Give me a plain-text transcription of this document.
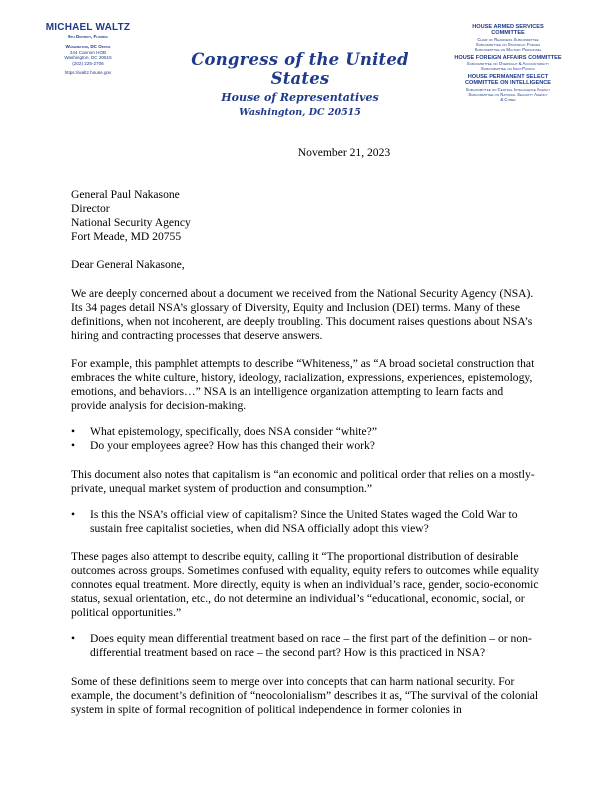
MICHAEL WALTZ
6th District, Florida
Washington, DC Office
244 Cannon HOB
Washington, DC 20515
(202) 225-2706
https://waltz.house.gov
Congress of the United States
House of Representatives
Washington, DC 20515
HOUSE ARMED SERVICES
COMMITTEE
Chair of Readiness Subcommittee
Subcommittee on Strategic Forces
Subcommittee on Military Personnel
HOUSE FOREIGN AFFAIRS COMMITTEE
Subcommittee on Oversight & Accountability
Subcommittee on Indo-Pacific
HOUSE PERMANENT SELECT
COMMITTEE ON INTELLIGENCE
Subcommittee on Central Intelligence Agency
Subcommittee on National Security Agency
& Cyber
November 21, 2023
General Paul Nakasone
Director
National Security Agency
Fort Meade, MD 20755
Dear General Nakasone,
We are deeply concerned about a document we received from the National Security Agency (NSA). Its 34 pages detail NSA’s glossary of Diversity, Equity and Inclusion (DEI) terms. Many of these definitions, when not incoherent, are deeply troubling. This document raises questions about NSA’s hiring and contracting processes that deserve answers.
For example, this pamphlet attempts to describe “Whiteness,” as “A broad societal construction that embraces the white culture, history, ideology, racialization, expressions, experiences, epistemology, emotions, and behaviors…” NSA is an intelligence organization attempting to learn facts and provide analysis for decision-making.
• What epistemology, specifically, does NSA consider “white?”
• Do your employees agree? How has this changed their work?
This document also notes that capitalism is “an economic and political order that relies on a mostly-private, unequal market system of production and consumption.”
• Is this the NSA’s official view of capitalism? Since the United States waged the Cold War to sustain free capitalist societies, when did NSA officially adopt this view?
These pages also attempt to describe equity, calling it “The proportional distribution of desirable outcomes across groups. Sometimes confused with equality, equity refers to outcomes while equality connotes equal treatment. More directly, equity is when an individual’s race, gender, socio-economic status, sexual orientation, etc., do not determine an individual’s “educational, economic, social, or political opportunities.”
• Does equity mean differential treatment based on race – the first part of the definition – or non-differential treatment based on race – the second part? How is this practiced in NSA?
Some of these definitions seem to merge over into concepts that can harm national security. For example, the document’s definition of “neocolonialism” describes it as, “The survival of the colonial system in spite of formal recognition of political independence in former colonies in
